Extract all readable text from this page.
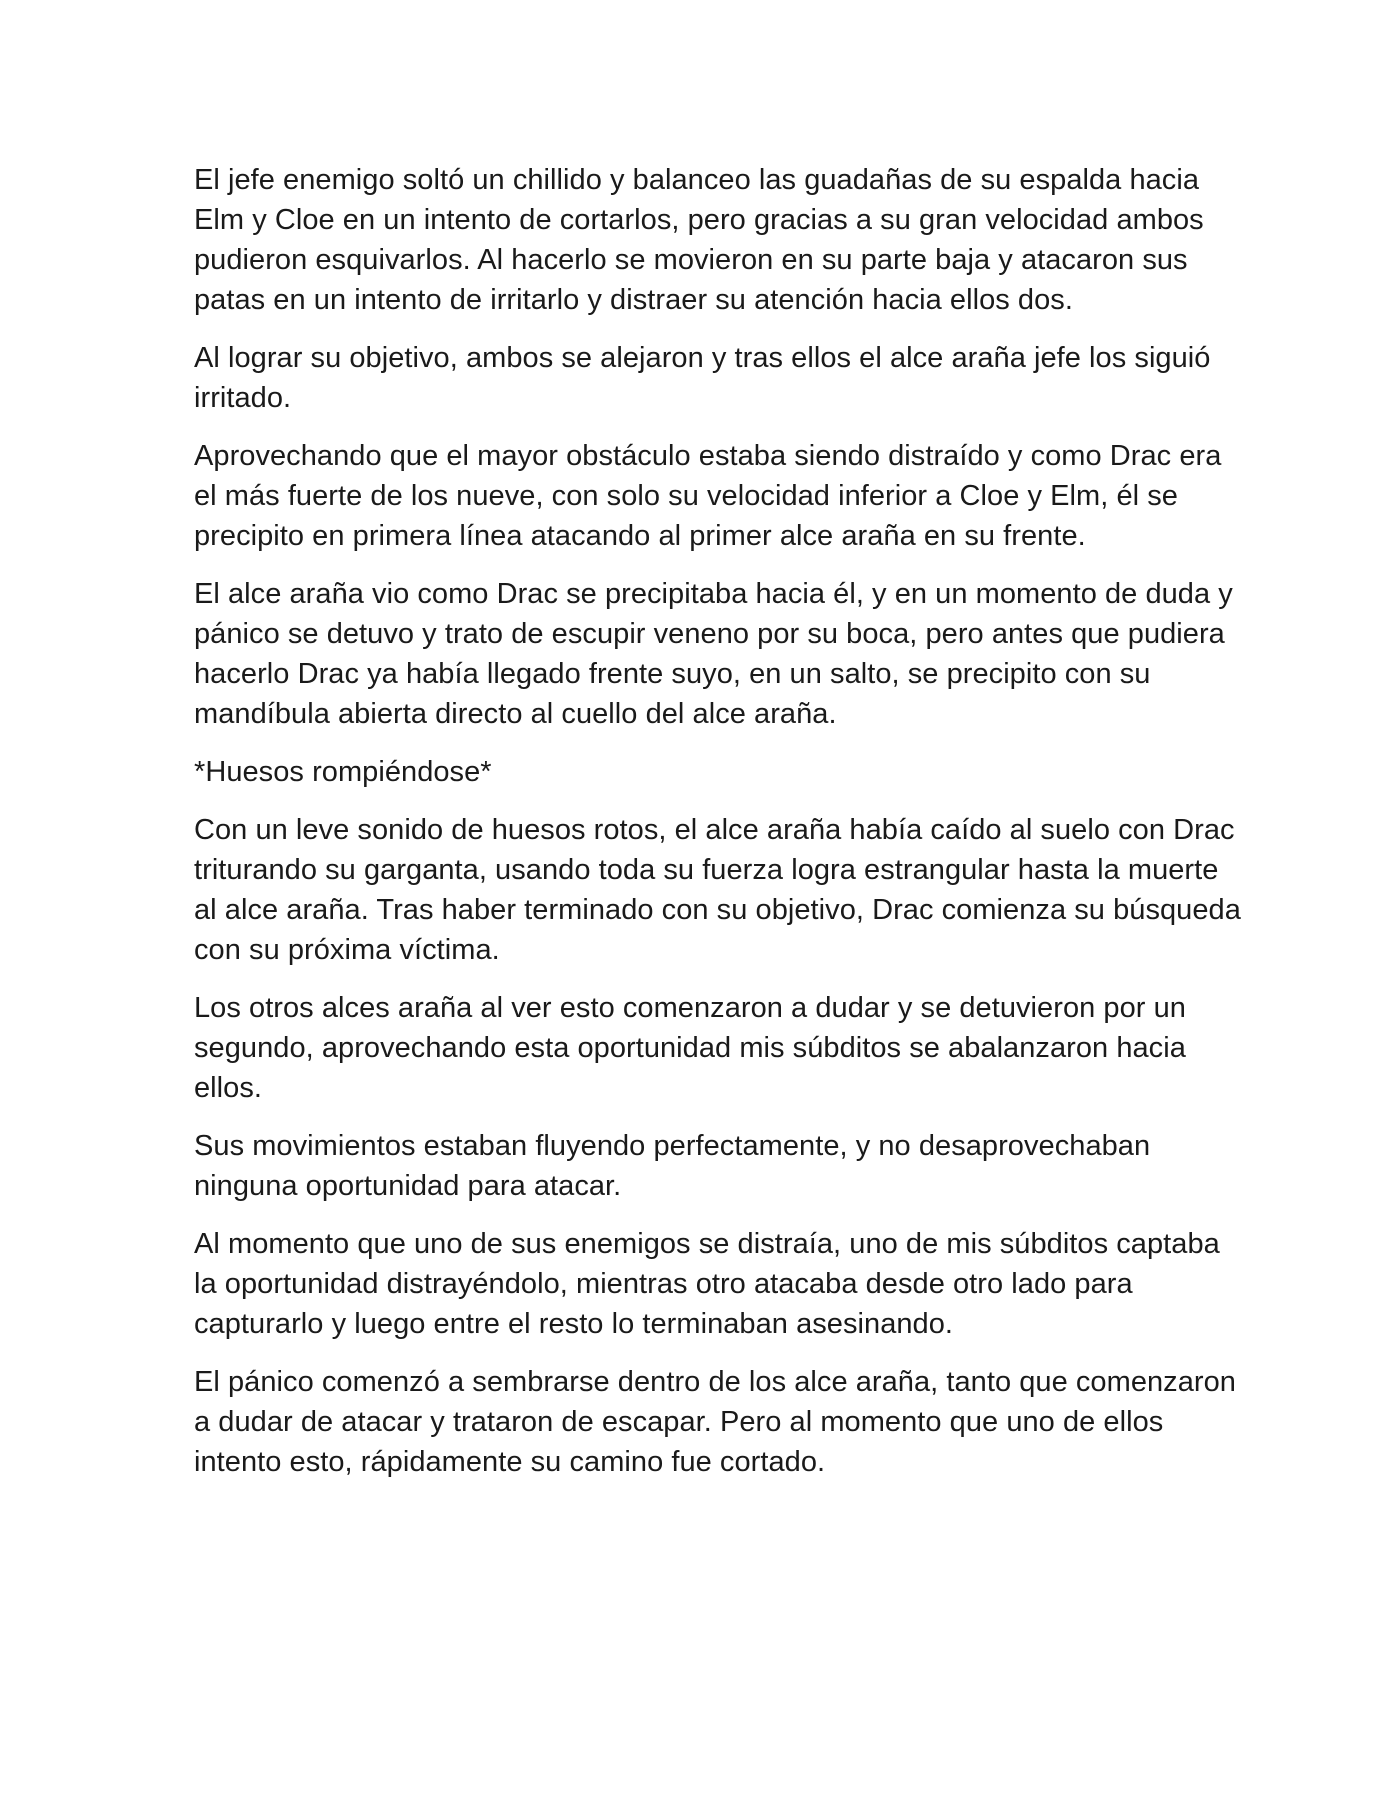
El jefe enemigo soltó un chillido y balanceo las guadañas de su espalda hacia Elm y Cloe en un intento de cortarlos, pero gracias a su gran velocidad ambos pudieron esquivarlos. Al hacerlo se movieron en su parte baja y atacaron sus patas en un intento de irritarlo y distraer su atención hacia ellos dos.

Al lograr su objetivo, ambos se alejaron y tras ellos el alce araña jefe los siguió irritado.

Aprovechando que el mayor obstáculo estaba siendo distraído y como Drac era el más fuerte de los nueve, con solo su velocidad inferior a Cloe y Elm, él se precipito en primera línea atacando al primer alce araña en su frente.

El alce araña vio como Drac se precipitaba hacia él, y en un momento de duda y pánico se detuvo y trato de escupir veneno por su boca, pero antes que pudiera hacerlo Drac ya había llegado frente suyo, en un salto, se precipito con su mandíbula abierta directo al cuello del alce araña.

*Huesos rompiéndose*

Con un leve sonido de huesos rotos, el alce araña había caído al suelo con Drac triturando su garganta, usando toda su fuerza logra estrangular hasta la muerte al alce araña. Tras haber terminado con su objetivo, Drac comienza su búsqueda con su próxima víctima.

Los otros alces araña al ver esto comenzaron a dudar y se detuvieron por un segundo, aprovechando esta oportunidad mis súbditos se abalanzaron hacia ellos.

Sus movimientos estaban fluyendo perfectamente, y no desaprovechaban ninguna oportunidad para atacar.

Al momento que uno de sus enemigos se distraía, uno de mis súbditos captaba la oportunidad distrayéndolo, mientras otro atacaba desde otro lado para capturarlo y luego entre el resto lo terminaban asesinando.

El pánico comenzó a sembrarse dentro de los alce araña, tanto que comenzaron a dudar de atacar y trataron de escapar. Pero al momento que uno de ellos intento esto, rápidamente su camino fue cortado.
